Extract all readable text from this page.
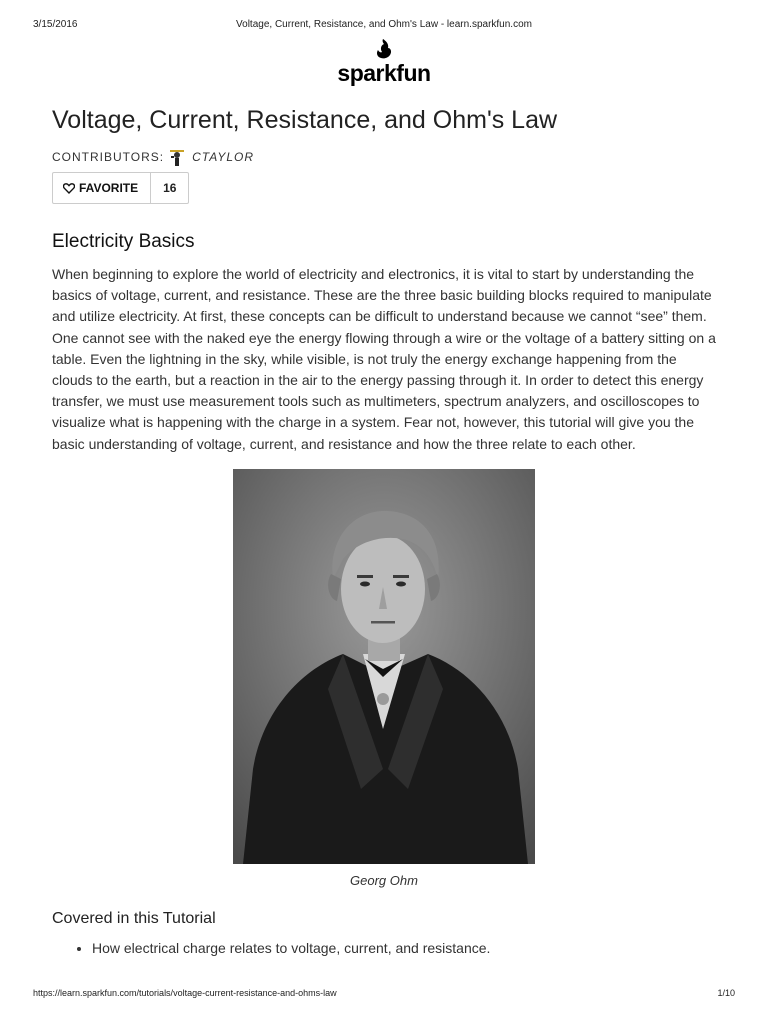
3/15/2016	Voltage, Current, Resistance, and Ohm's Law - learn.sparkfun.com
sparkfun
Voltage, Current, Resistance, and Ohm's Law
CONTRIBUTORS: CTAYLOR
FAVORITE	16
Electricity Basics

When beginning to explore the world of electricity and electronics, it is vital to start by understanding the basics of voltage, current, and resistance. These are the three basic building blocks required to manipulate and utilize electricity. At first, these concepts can be difficult to understand because we cannot “see” them. One cannot see with the naked eye the energy flowing through a wire or the voltage of a battery sitting on a table. Even the lightning in the sky, while visible, is not truly the energy exchange happening from the clouds to the earth, but a reaction in the air to the energy passing through it. In order to detect this energy transfer, we must use measurement tools such as multimeters, spectrum analyzers, and oscilloscopes to visualize what is happening with the charge in a system. Fear not, however, this tutorial will give you the basic understanding of voltage, current, and resistance and how the three relate to each other.

Georg Ohm
Covered in this Tutorial
• How electrical charge relates to voltage, current, and resistance.
https://learn.sparkfun.com/tutorials/voltage-current-resistance-and-ohms-law	1/10
